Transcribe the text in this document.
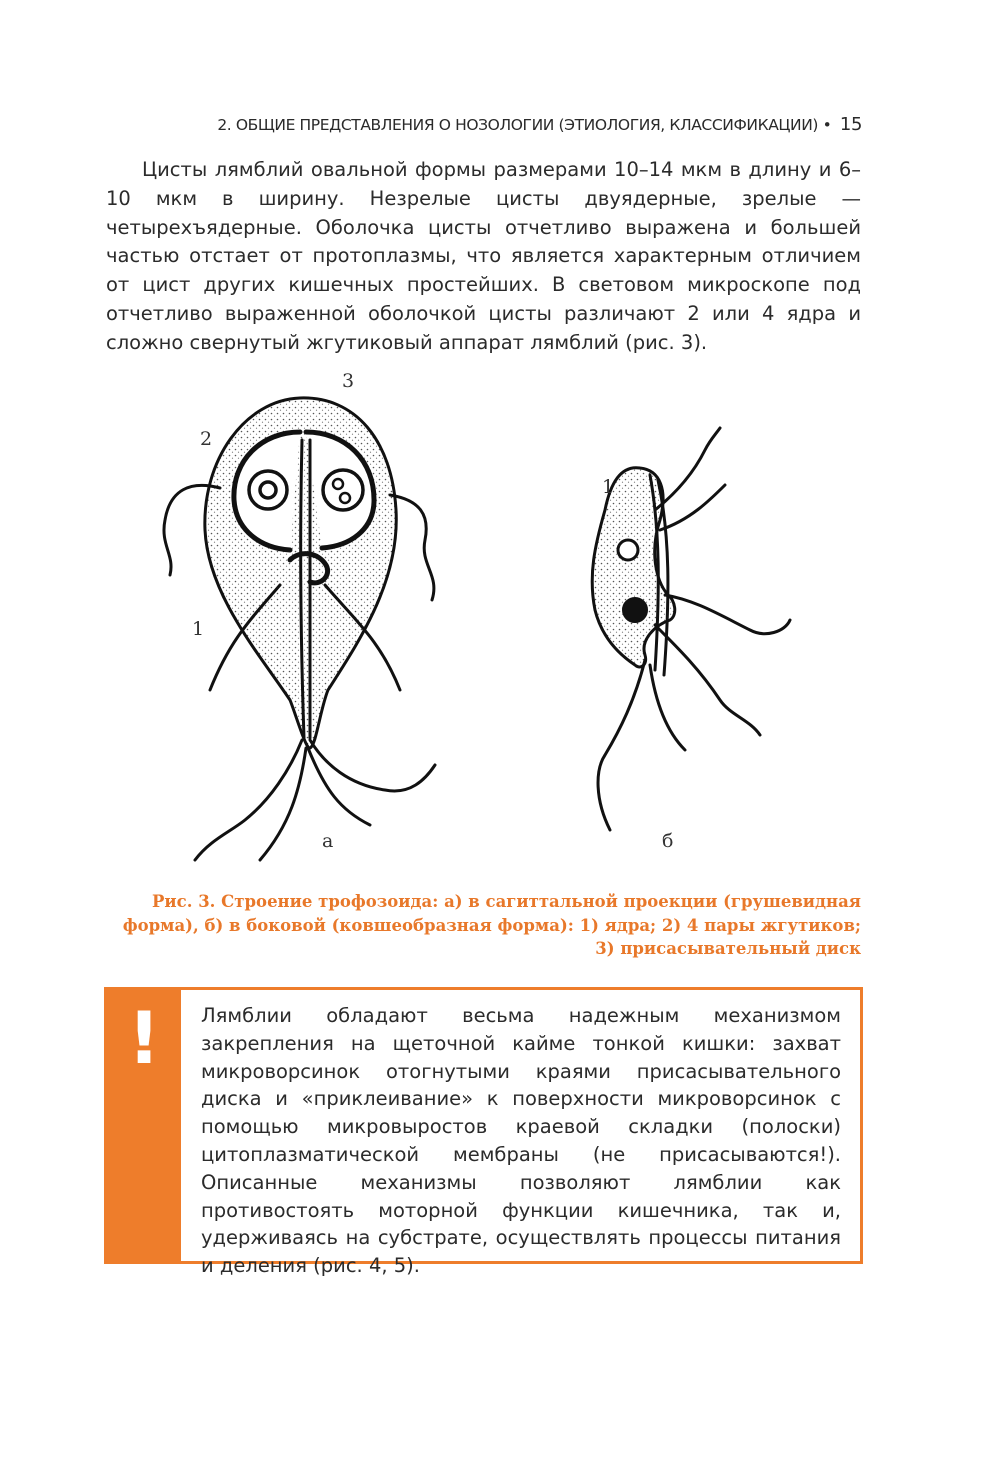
2. ОБЩИЕ ПРЕДСТАВЛЕНИЯ О НОЗОЛОГИИ (ЭТИОЛОГИЯ, КЛАССИФИКАЦИИ) • 15

Цисты лямблий овальной формы размерами 10–14 мкм в длину и 6–10 мкм в ширину. Незрелые цисты двуядерные, зрелые — четырехъядерные. Оболочка цисты отчетливо выражена и большей частью отстает от протоплазмы, что является характерным отличием от цист других кишечных простейших. В световом микроскопе под отчетливо выраженной оболочкой цисты различают 2 или 4 ядра и сложно свернутый жгутиковый аппарат лямблий (рис. 3).

3
2
1
1
а	б
Рис. 3. Строение трофозоида: а) в сагиттальной проекции (грушевидная
форма), б) в боковой (ковшеобразная форма): 1) ядра; 2) 4 пары жгутиков;
3) присасывательный диск
!	Лямблии обладают весьма надежным механизмом закрепления на щеточной кайме тонкой кишки: захват микроворсинок отогнутыми краями присасывательного диска и «приклеивание» к поверхности микроворсинок с помощью микровыростов краевой складки (полоски) цитоплазматической мембраны (не присасываются!). Описанные механизмы позволяют лямблии как противостоять моторной функции кишечника, так и, удерживаясь на субстрате, осуществлять процессы питания и деления (рис. 4, 5).
